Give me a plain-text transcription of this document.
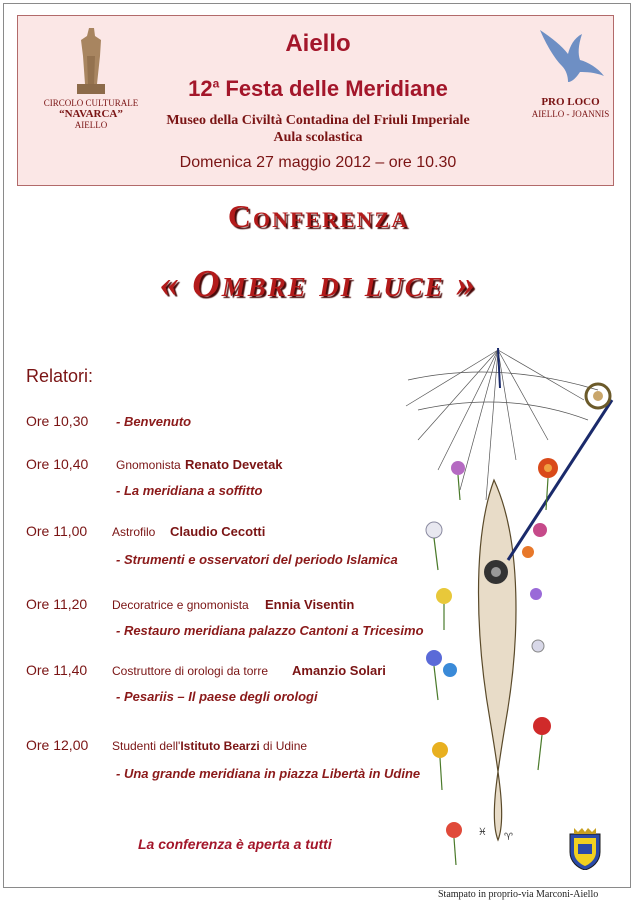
CIRCOLO CULTURALE
“NAVARCA”
AIELLO
PRO LOCO
AIELLO - JOANNIS
Aiello
12$^a$ Festa delle Meridiane
Museo della Civiltà Contadina del Friuli Imperiale
Aula scolastica
Domenica 27 maggio 2012 – ore 10.30
Conferenza
« Ombre di luce »
Relatori:
Ore 10,30 - Benvenuto
Ore 10,40 Gnomonista Renato Devetak
- La meridiana a soffitto
Ore 11,00 Astrofilo Claudio Cecotti
- Strumenti e osservatori del periodo Islamica
Ore 11,20 Decoratrice e gnomonista Ennia Visentin
- Restauro meridiana palazzo Cantoni a Tricesimo
Ore 11,40 Costruttore di orologi da torre Amanzio Solari
- Pesariis – Il paese degli orologi
Ore 12,00 Studenti dell'Istituto Bearzi di Udine
- Una grande meridiana in piazza Libertà in Udine
La conferenza è aperta a tutti
♓ ♈
Stampato in proprio-via Marconi-Aiello
